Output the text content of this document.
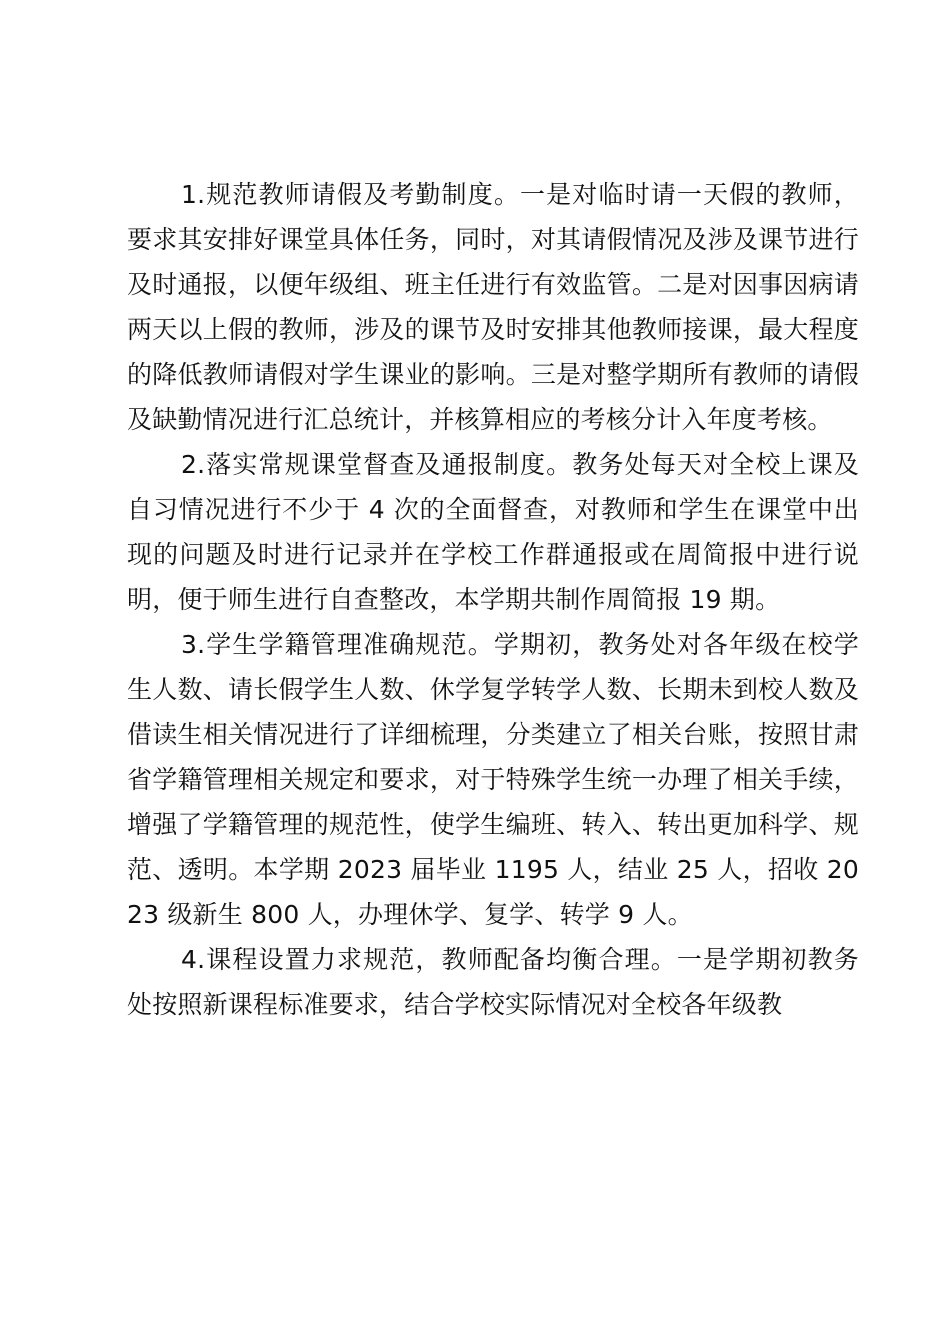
1.规范教师请假及考勤制度。一是对临时请一天假的教师，要求其安排好课堂具体任务，同时，对其请假情况及涉及课节进行及时通报，以便年级组、班主任进行有效监管。二是对因事因病请两天以上假的教师，涉及的课节及时安排其他教师接课，最大程度的降低教师请假对学生课业的影响。三是对整学期所有教师的请假及缺勤情况进行汇总统计，并核算相应的考核分计入年度考核。

2.落实常规课堂督查及通报制度。教务处每天对全校上课及自习情况进行不少于 4 次的全面督查，对教师和学生在课堂中出现的问题及时进行记录并在学校工作群通报或在周简报中进行说明，便于师生进行自查整改，本学期共制作周简报 19 期。

3.学生学籍管理准确规范。学期初，教务处对各年级在校学生人数、请长假学生人数、休学复学转学人数、长期未到校人数及借读生相关情况进行了详细梳理，分类建立了相关台账，按照甘肃省学籍管理相关规定和要求，对于特殊学生统一办理了相关手续，增强了学籍管理的规范性，使学生编班、转入、转出更加科学、规范、透明。本学期 2023 届毕业 1195 人，结业 25 人，招收 2023 级新生 800 人，办理休学、复学、转学 9 人。

4.课程设置力求规范，教师配备均衡合理。一是学期初教务处按照新课程标准要求，结合学校实际情况对全校各年级教
